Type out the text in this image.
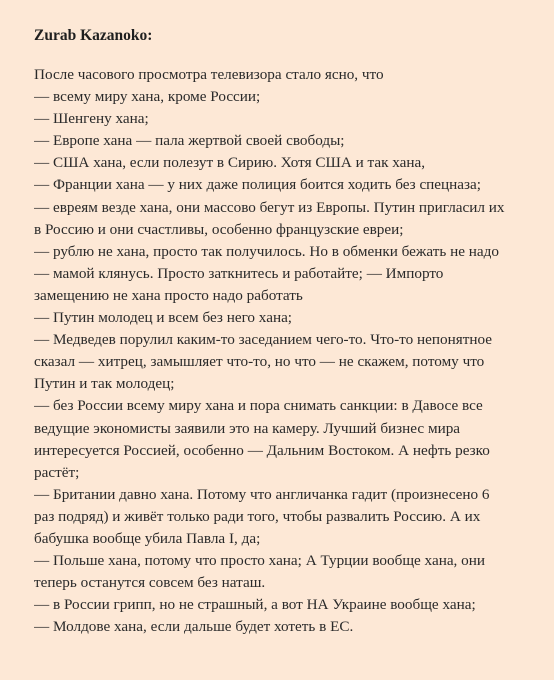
Zurab Kazanoko:

После часового просмотра телевизора стало ясно, что
— всему миру хана, кроме России;
— Шенгену хана;
— Европе хана — пала жертвой своей свободы;
— США хана, если полезут в Сирию. Хотя США и так хана,
— Франции хана — у них даже полиция боится ходить без спецназа;
— евреям везде хана, они массово бегут из Европы. Путин пригласил их
в Россию и они счастливы, особенно французские евреи;
— рублю не хана, просто так получилось. Но в обменки бежать не надо
— мамой клянусь. Просто заткнитесь и работайте; — Импорто
замещению не хана просто надо работать
— Путин молодец и всем без него хана;
— Медведев порулил каким-то заседанием чего-то. Что-то непонятное
сказал — хитрец, замышляет что-то, но что — не скажем, потому что
Путин и так молодец;
— без России всему миру хана и пора снимать санкции: в Давосе все
ведущие экономисты заявили это на камеру. Лучший бизнес мира
интересуется Россией, особенно — Дальним Востоком. А нефть резко
растёт;
— Британии давно хана. Потому что англичанка гадит (произнесено 6
раз подряд) и живёт только ради того, чтобы развалить Россию. А их
бабушка вообще убила Павла I, да;
— Польше хана, потому что просто хана; А Турции вообще хана, они
теперь останутся совсем без наташ.
— в России грипп, но не страшный, а вот НА Украине вообще хана;
— Молдове хана, если дальше будет хотеть в ЕС.
